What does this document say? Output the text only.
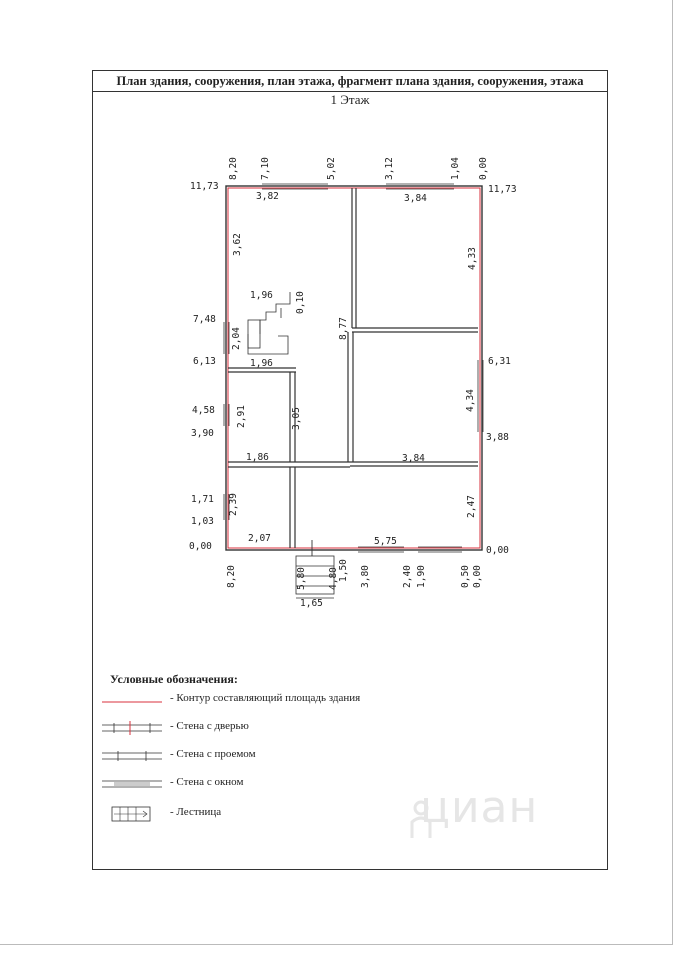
План здания, сооружения, план этажа, фрагмент плана здания, сооружения, этажа
1 Этаж
3,82	3,84
1,96
1,96
1,86	3,84
2,07	5,75
1,65
3,62
0,10
8,77
2,04
4,33
4,34
2,91	3,05
2,39	2,47
8,20 7,10	5,02	3,12	1,04 0,00
8,20	5,80 4,80 1,50 3,80	2,40 1,90	0,50 0,00
11,73
7,48
6,13
4,58
3,90
1,71
1,03
0,00
11,73
6,31
3,88
0,00
Условные обозначения:
- Контур составляющий площадь здания
- Стена с дверью
- Стена с проемом
- Стена с окном
- Лестница	циан
